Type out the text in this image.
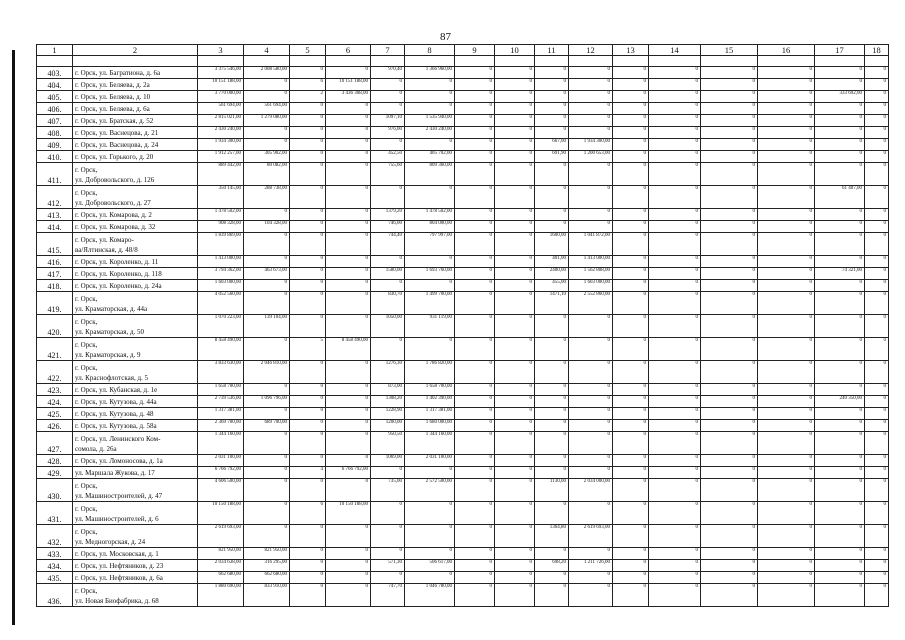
87
1	2	3	4	5	6	7	8	9	10	11	12	13	14	15	16	17	18

403.	г. Орск, ул. Багратиона, д. 6а	3 375 546,00	2 008 580,00	0	0	970,40	1 366 960,00	0	0	0	0	0	0	0	0	0	0
404.	г. Орск, ул. Беляева, д. 2а	10 151 188,00	0	6	10 151 188,00	0	0	0	0	0	0	0	0	0	0	0	0
405.	г. Орск, ул. Беляева, д. 10	3 770 000,00	0	2	3 436 308,00	0	0	0	0	0	0	0	0	0	0	333 692,00	0
406.	г. Орск, ул. Беляева, д. 6а	561 694,00	561 694,00	0	0	0	0	0	0	0	0	0	0	0	0	0	0
407.	г. Орск, ул. Братская, д. 52	2 815 021,00	1 279 080,00	0	0	1097,10	1 535 940,00	0	0	0	0	0	0	0	0	0	0
408.	г. Орск, ул. Васнецова, д. 21	2 430 240,00	0	0	0	976,00	2 430 240,00	0	0	0	0	0	0	0	0	0	0
409.	г. Орск, ул. Васнецова, д. 24	1 934 300,00	0	0	0	0	0	0	0	667,00	1 934 300,00	0	0	0	0	0	0
410.	г. Орск, ул. Горького, д. 20	1 912 257,00	305 902,00	0	0	452,50	405 702,00	0	0	691,90	1 200 653,00	0	0	0	0	0	0
411.	г. Орск,
ул. Добровольского, д. 126	889 442,00	80 082,00	0	0	755,60	809 360,00	0	0	0	0	0	0	0	0	0	0
412.	г. Орск,
ул. Добровольского, д. 27	350 145,00	288 738,00	0	0	0	0	0	0	0	0	0	0	0	0	61 407,00	0
413.	г. Орск, ул. Комарова, д. 2	1 478 502,00	0	0	0	1379,20	1 478 502,00	0	0	0	0	0	0	0	0	0	0
414.	г. Орск, ул. Комарова, д. 32	908 328,00	104 328,00	0	0	746,00	804 000,00	0	0	0	0	0	0	0	0	0	0
415.	г. Орск, ул. Комаро-
ва/Ялтинская, д. 48/8	1 839 869,00	0	0	0	744,40	797 997,00	0	0	1600,00	1 041 872,00	0	0	0	0	0	0
416.	г. Орск, ул. Короленко, д. 11	1 413 000,00	0	0	0	0	0	0	0	401,00	1 413 000,00	0	0	0	0	0	0
417.	г. Орск, ул. Короленко, д. 118	3 794 362,00	463 673,00	0	0	1580,00	1 693 760,00	0	0	2400,00	1 562 808,00	0	0	0	0	74 321,00	0
418.	г. Орск, ул. Короленко, д. 24а	1 603 000,00	0	0	0	0	0	0	0	455,00	1 603 000,00	0	0	0	0	0	0
419.	г. Орск,
ул. Краматорская, д. 44а	4 052 560,00	0	0	0	830,70	1 499 700,00	0	0	1471,10	2 552 860,00	0	0	0	0	0	0
420.	г. Орск,
ул. Краматорская, д. 50	1 070 223,00	139 104,00	0	0	1050,00	931 119,00	0	0	0	0	0	0	0	0	0	0
421.	г. Орск,
ул. Краматорская, д. 9	8 458 490,00	0	5	8 458 490,00	0	0	0	0	0	0	0	0	0	0	0	0
422.	г. Орск,
ул. Краснофлотская, д. 5	3 833 630,00	2 046 810,00	0	0	1276,30	1 786 820,00	0	0	0	0	0	0	0	0	0	0
423.	г. Орск, ул. Кубанская, д. 1е	1 658 700,00	0	0	0	873,00	1 658 700,00	0	0	0	0	0	0	0	0	0	0
424.	г. Орск, ул. Кутузова, д. 44а	2 739 536,00	1 096 796,00	0	0	1308,20	1 402 390,00	0	0	0	0	0	0	0	0	240 350,00	0
425.	г. Орск, ул. Кутузова, д. 48	1 317 381,00	0	0	0	1228,90	1 317 381,00	0	0	0	0	0	0	0	0	0	0
426.	г. Орск, ул. Кутузова, д. 58а	2 369 700,00	689 700,00	0	0	1200,00	1 680 000,00	0	0	0	0	0	0	0	0	0	0
427.	г. Орск, ул. Ленинского Ком-
сомола, д. 26а	1 344 160,00	0	0	0	950,50	1 344 160,00	0	0	0	0	0	0	0	0	0	0
428.	г. Орск, ул. Ломоносова, д. 1а	2 031 100,00	0	0	0	1069,00	2 031 100,00	0	0	0	0	0	0	0	0	0	0
429.	ул. Маршала Жукова, д. 17	6 766 792,00	0	4	6 766 792,00	0	0	0	0	0	0	0	0	0	0	0	0
430.	г. Орск,
ул. Машиностроителей, д. 47	4 606 500,00	0	0	0	735,00	2 572 500,00	0	0	1130,00	2 034 000,00	0	0	0	0	0	0
431.	г. Орск,
ул. Машиностроителей, д. 6	10 150 188,00	0	6	10 150 188,00	0	0	0	0	0	0	0	0	0	0	0	0
432.	г. Орск,
ул. Медногорская, д. 24	2 619 693,00	0	0	0	0	0	0	0	1364,80	2 619 693,00	0	0	0	0	0	0
433.	г. Орск, ул. Московская, д. 1	821 950,00	821 950,00	0	0	0	0	0	0	0	0	0	0	0	0	0	0
434.	г. Орск, ул. Нефтяников, д. 23	2 034 638,00	316 295,00	0	0	571,30	506 617,00	0	0	698,20	1 211 726,00	0	0	0	0	0	0
435.	г. Орск, ул. Нефтяников, д. 6а	662 680,00	662 680,00	0	0	0	0	0	0	0	0	0	0	0	0	0	0
436.	г. Орск,
ул. Новая Биофабрика, д. 68	1 880 690,00	833 910,00	0	0	747,70	1 046 780,00	0	0	0	0	0	0	0	0	0	0
